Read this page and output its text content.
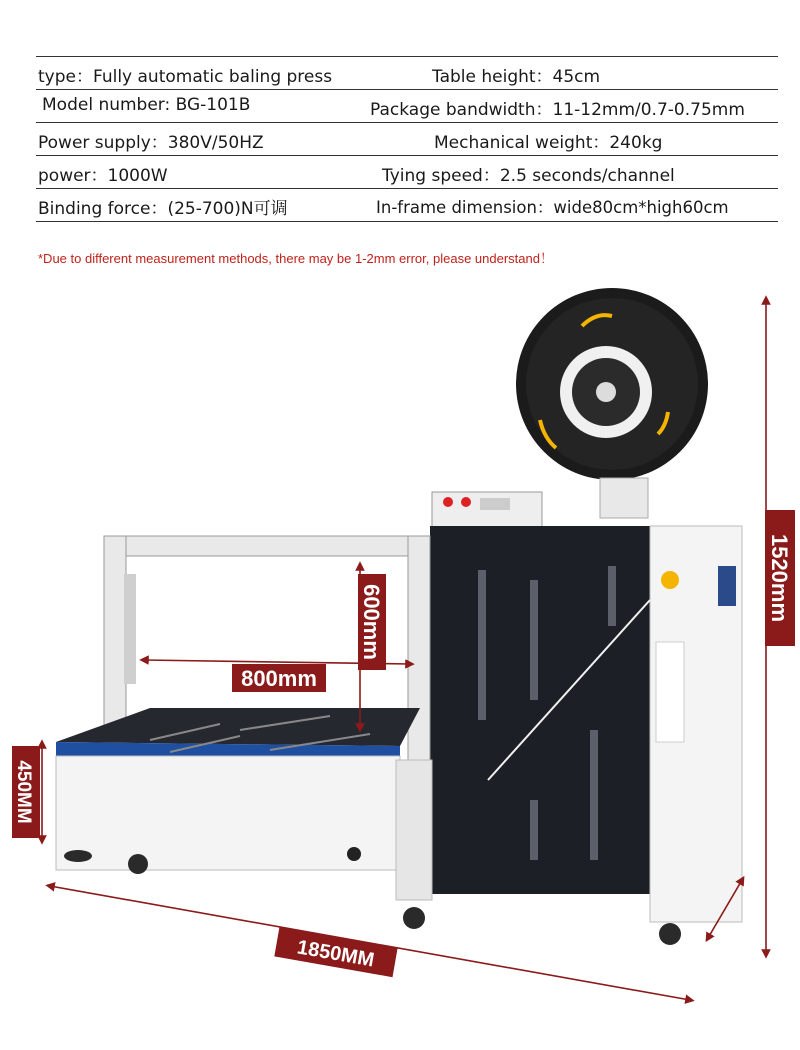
type：Fully automatic baling press	Table height：45cm
Model number: BG-101B	Package bandwidth：11-12mm/0.7-0.75mm
Power supply：380V/50HZ	Mechanical weight：240kg
power：1000W	Tying speed：2.5 seconds/channel
Binding force：(25-700)N可调	In-frame dimension：wide80cm*high60cm
*Due to different measurement methods, there may be 1-2mm error, please understand！
800mm
600mm
450MM
1850MM
1520mm
